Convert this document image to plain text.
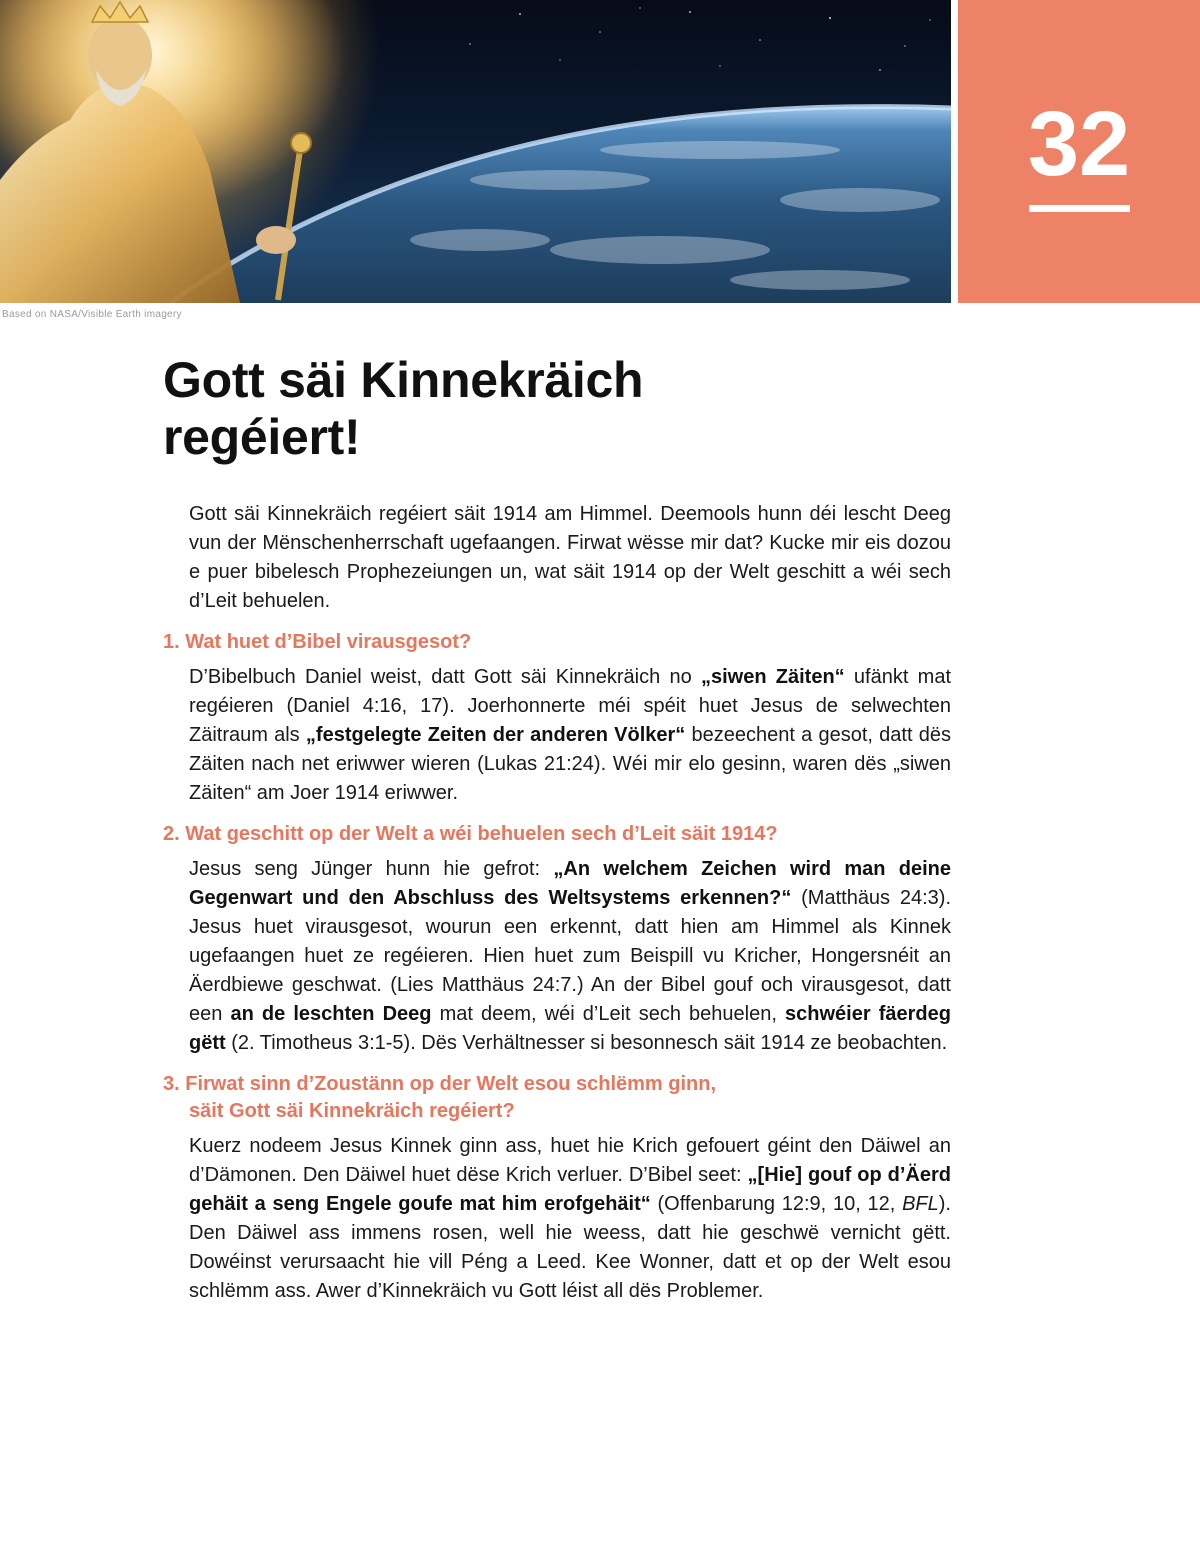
Based on NASA/Visible Earth imagery
32
Gott säi Kinnekräich
regéiert!

Gott säi Kinnekräich regéiert säit 1914 am Himmel. Deemools hunn déi lescht Deeg vun der Mënschenherrschaft ugefaangen. Firwat wësse mir dat? Kucke mir eis dozou e puer bibelesch Prophezeiungen un, wat säit 1914 op der Welt geschitt a wéi sech d’Leit behuelen.

1. Wat huet d’Bibel virausgesot?

D’Bibelbuch Daniel weist, datt Gott säi Kinnekräich no „siwen Zäiten“ ufänkt mat regéieren (Daniel 4:16, 17). Joerhonnerte méi spéit huet Jesus de selwechten Zäitraum als „festgelegte Zeiten der anderen Völker“ bezeechent a gesot, datt dës Zäiten nach net eriwwer wieren (Lukas 21:24). Wéi mir elo gesinn, waren dës „siwen Zäiten“ am Joer 1914 eriwwer.

2. Wat geschitt op der Welt a wéi behuelen sech d’Leit säit 1914?

Jesus seng Jünger hunn hie gefrot: „An welchem Zeichen wird man deine Gegenwart und den Abschluss des Weltsystems erkennen?“ (Matthäus 24:3). Jesus huet virausgesot, wourun een erkennt, datt hien am Himmel als Kinnek ugefaangen huet ze regéieren. Hien huet zum Beispill vu Kricher, Hongersnéit an Äerdbiewe geschwat. (Lies Matthäus 24:7.) An der Bibel gouf och virausgesot, datt een an de leschten Deeg mat deem, wéi d’Leit sech behuelen, schwéier fäerdeg gëtt (2. Timotheus 3:1-5). Dës Verhältnesser si besonnesch säit 1914 ze beobachten.

3. Firwat sinn d’Zoustänn op der Welt esou schlëmm ginn,
säit Gott säi Kinnekräich regéiert?

Kuerz nodeem Jesus Kinnek ginn ass, huet hie Krich gefouert géint den Däiwel an d’Dämonen. Den Däiwel huet dëse Krich verluer. D’Bibel seet: „[Hie] gouf op d’Äerd gehäit a seng Engele goufe mat him erofgehäit“ (Offenbarung 12:9, 10, 12, BFL). Den Däiwel ass immens rosen, well hie weess, datt hie geschwë vernicht gëtt. Dowéinst verursaacht hie vill Péng a Leed. Kee Wonner, datt et op der Welt esou schlëmm ass. Awer d’Kinnekräich vu Gott léist all dës Problemer.
